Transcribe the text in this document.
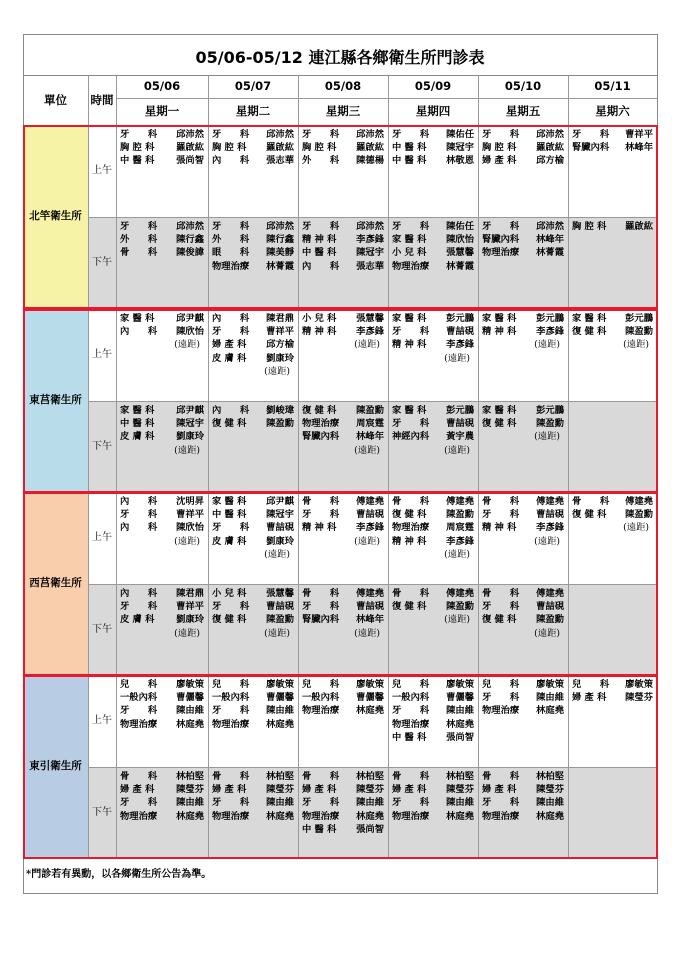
05/06-05/12 連江縣各鄉衛生所門診表
單位	時間
05/06
星期一
05/07
星期二
05/08
星期三
05/09
星期四
05/10
星期五
05/11
星期六
北竿衛生所
上午
下午
牙　　科 邱沛然
胸 腔 科 羅啟紘
中 醫 科 張尚智
牙　　科 邱沛然
胸 腔 科 羅啟紘
內　　科 張志華
牙　　科 邱沛然
胸 腔 科 羅啟紘
外　　科 陳德楊
牙　　科 陳佑任
中 醫 科 陳冠宇
中 醫 科 林敬恩
牙　　科 邱沛然
胸 腔 科 羅啟紘
婦 產 科 邱方榆
牙　　科 曹祥平
腎臟內科 林峰年
牙　　科 邱沛然
外　　科 陳行鑫
骨　　科 陳俊諱
牙　　科 邱沛然
外　　科 陳行鑫
眼　　科 陳美靜
物理治療 林菁霞
牙　　科 邱沛然
精 神 科 李彥鋒
中 醫 科 陳冠宇
內　　科 張志華
牙　　科 陳佑任
家 醫 科 陳欣怡
小 兒 科 張慧馨
物理治療 林菁霞
牙　　科 邱沛然
腎臟內科 林峰年
物理治療 林菁霞
胸 腔 科 羅啟紘
東莒衛生所
上午
下午
家 醫 科 邱尹麒
內　　科 陳欣怡
(遠距)
內　　科 陳君鼎
牙　　科 曹祥平
婦 產 科 邱方榆
皮 膚 科 劉康玲
(遠距)
小 兒 科 張慧馨
精 神 科 李彥鋒
(遠距)
家 醫 科 彭元鵬
牙　　科 曹喆硯
精 神 科 李彥鋒
(遠距)
家 醫 科 彭元鵬
精 神 科 李彥鋒
(遠距)
家 醫 科 彭元鵬
復 健 科 陳盈勳
(遠距)
家 醫 科 邱尹麒
中 醫 科 陳冠宇
皮 膚 科 劉康玲
(遠距)
內　　科 劉峻瑋
復 健 科 陳盈勳
復 健 科 陳盈勳
物理治療 周宸霆
腎臟內科 林峰年
(遠距)
家 醫 科 彭元鵬
牙　　科 曹喆硯
神經內科 黃宇農
(遠距)
家 醫 科 彭元鵬
復 健 科 陳盈勳
(遠距)
西莒衛生所
上午
下午
內　　科 沈明昇
牙　　科 曹祥平
內　　科 陳欣怡
(遠距)
家 醫 科 邱尹麒
中 醫 科 陳冠宇
牙　　科 曹喆硯
皮 膚 科 劉康玲
(遠距)
骨　　科 傅建堯
牙　　科 曹喆硯
精 神 科 李彥鋒
(遠距)
骨　　科 傅建堯
復 健 科 陳盈勳
物理治療 周宸霆
精 神 科 李彥鋒
(遠距)
骨　　科 傅建堯
牙　　科 曹喆硯
精 神 科 李彥鋒
(遠距)
骨　　科 傅建堯
復 健 科 陳盈勳
(遠距)
內　　科 陳君鼎
牙　　科 曹祥平
皮 膚 科 劉康玲
(遠距)
小 兒 科 張慧馨
牙　　科 曹喆硯
復 健 科 陳盈勳
(遠距)
骨　　科 傅建堯
牙　　科 曹喆硯
腎臟內科 林峰年
(遠距)
骨　　科 傅建堯
復 健 科 陳盈勳
(遠距)
骨　　科 傅建堯
牙　　科 曹喆硯
復 健 科 陳盈勳
(遠距)
東引衛生所
上午
下午
兒　　科 廖敏策
一般內科 曹儷馨
牙　　科 陳由維
物理治療 林庭堯
兒　　科 廖敏策
一般內科 曹儷馨
牙　　科 陳由維
物理治療 林庭堯
兒　　科 廖敏策
一般內科 曹儷馨
物理治療 林庭堯
兒　　科 廖敏策
一般內科 曹儷馨
牙　　科 陳由維
物理治療 林庭堯
中 醫 科 張尚智
兒　　科 廖敏策
牙　　科 陳由維
物理治療 林庭堯
兒　　科 廖敏策
婦 產 科 陳瑩芬
骨　　科 林柏堅
婦 產 科 陳瑩芬
牙　　科 陳由維
物理治療 林庭堯
骨　　科 林柏堅
婦 產 科 陳瑩芬
牙　　科 陳由維
物理治療 林庭堯
骨　　科 林柏堅
婦 產 科 陳瑩芬
牙　　科 陳由維
物理治療 林庭堯
中 醫 科 張尚智
骨　　科 林柏堅
婦 產 科 陳瑩芬
牙　　科 陳由維
物理治療 林庭堯
骨　　科 林柏堅
婦 產 科 陳瑩芬
牙　　科 陳由維
物理治療 林庭堯
*門診若有異動，以各鄉衛生所公告為準。
